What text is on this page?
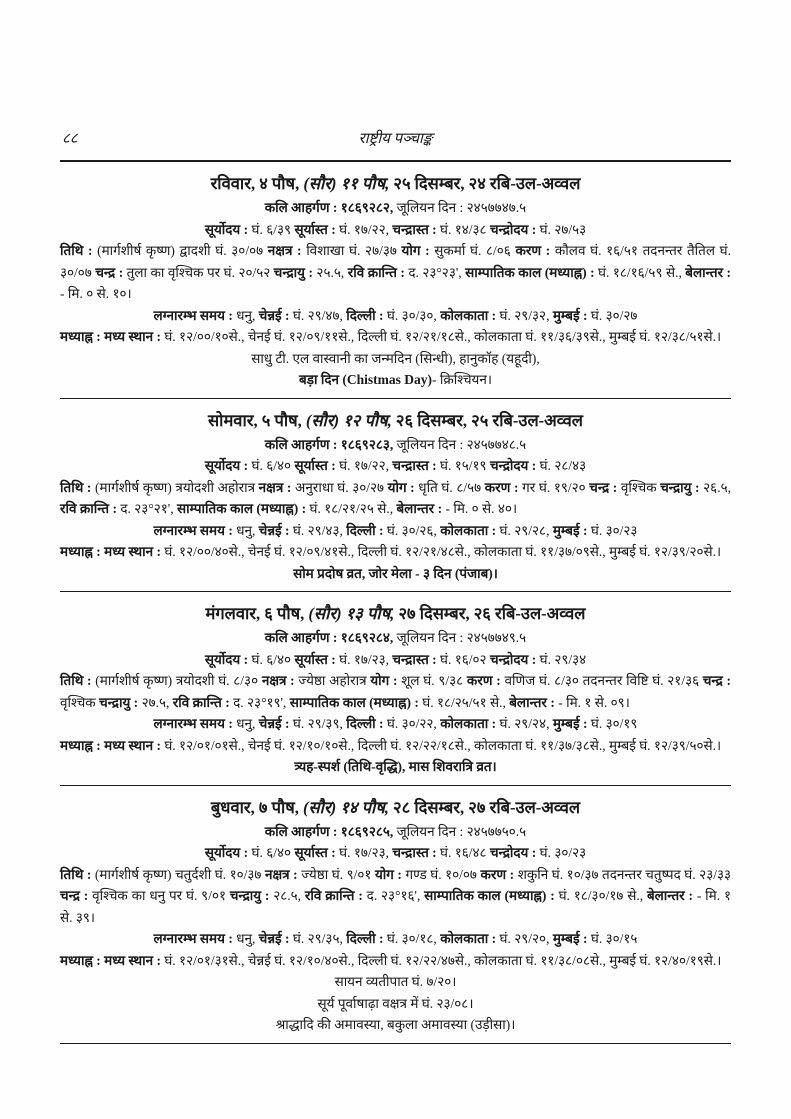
८८	राष्ट्रीय पञ्चाङ्क
रविवार, ४ पौष, (सौर) ११ पौष, २५ दिसम्बर, २४ रबि-उल-अव्वल

कलि आहर्गण : १८६९२८२, जूलियन दिन : २४५७७४७.५

सूर्योदय : घं. ६/३९ सूर्यास्त : घं. १७/२२, चन्द्रास्त : घं. १४/३८ चन्द्रोदय : घं. २७/५३

तिथि : (मार्गशीर्ष कृष्ण) द्वादशी घं. ३०/०७ नक्षत्र : विशाखा घं. २७/३७ योग : सुकर्मा घं. ८/०६ करण : कौलव घं. १६/५१ तदनन्तर तैतिल घं. ३०/०७ चन्द्र : तुला का वृश्चिक पर घं. २०/५२ चन्द्रायु : २५.५, रवि क्रान्ति : द. २३°२३', साम्पातिक काल (मध्याह्न) : घं. १८/१६/५९ से., बेलान्तर : - मि. ० से. १०।

लग्नारम्भ समय : धनु, चेन्नई : घं. २९/४७, दिल्ली : घं. ३०/३०, कोलकाता : घं. २९/३२, मुम्बई : घं. ३०/२७

मध्याह्न : मध्य स्थान : घं. १२/००/१०से., चेनई घं. १२/०९/११से., दिल्ली घं. १२/२१/१८से., कोलकाता घं. ११/३६/३९से., मुम्बई घं. १२/३८/५१से.।

साधु टी. एल वास्वानी का जन्मदिन (सिन्धी), हानुकॉह (यहूदी),

बड़ा दिन (Chistmas Day)- क्रिश्चियन।

सोमवार, ५ पौष, (सौर) १२ पौष, २६ दिसम्बर, २५ रबि-उल-अव्वल

कलि आहर्गण : १८६९२८३, जूलियन दिन : २४५७७४८.५

सूर्योदय : घं. ६/४० सूर्यास्त : घं. १७/२२, चन्द्रास्त : घं. १५/१९ चन्द्रोदय : घं. २८/४३

तिथि : (मार्गशीर्ष कृष्ण) त्रयोदशी अहोरात्र नक्षत्र : अनुराधा घं. ३०/२७ योग : धृति घं. ८/५७ करण : गर घं. १९/२० चन्द्र : वृश्चिक चन्द्रायु : २६.५, रवि क्रान्ति : द. २३°२१', साम्पातिक काल (मध्याह्न) : घं. १८/२१/२५ से., बेलान्तर : - मि. ० से. ४०।

लग्नारम्भ समय : धनु, चेन्नई : घं. २९/४३, दिल्ली : घं. ३०/२६, कोलकाता : घं. २९/२८, मुम्बई : घं. ३०/२३

मध्याह्न : मध्य स्थान : घं. १२/००/४०से., चेनई घं. १२/०९/४१से., दिल्ली घं. १२/२१/४८से., कोलकाता घं. ११/३७/०९से., मुम्बई घं. १२/३९/२०से.।

सोम प्रदोष व्रत, जोर मेला - ३ दिन (पंजाब)।

मंगलवार, ६ पौष, (सौर) १३ पौष, २७ दिसम्बर, २६ रबि-उल-अव्वल

कलि आहर्गण : १८६९२८४, जूलियन दिन : २४५७७४९.५

सूर्योदय : घं. ६/४० सूर्यास्त : घं. १७/२३, चन्द्रास्त : घं. १६/०२ चन्द्रोदय : घं. २९/३४

तिथि : (मार्गशीर्ष कृष्ण) त्रयोदशी घं. ८/३० नक्षत्र : ज्येष्ठा अहोरात्र योग : शूल घं. ९/३८ करण : वणिज घं. ८/३० तदनन्तर विष्टि घं. २१/३६ चन्द्र : वृश्चिक चन्द्रायु : २७.५, रवि क्रान्ति : द. २३°१९', साम्पातिक काल (मध्याह्न) : घं. १८/२५/५१ से., बेलान्तर : - मि. १ से. ०९।

लग्नारम्भ समय : धनु, चेन्नई : घं. २९/३९, दिल्ली : घं. ३०/२२, कोलकाता : घं. २९/२४, मुम्बई : घं. ३०/१९

मध्याह्न : मध्य स्थान : घं. १२/०१/०१से., चेनई घं. १२/१०/१०से., दिल्ली घं. १२/२२/१८से., कोलकाता घं. ११/३७/३८से., मुम्बई घं. १२/३९/५०से.।

त्र्यह-स्पर्श (तिथि-वृद्धि), मास शिवरात्रि व्रत।

बुधवार, ७ पौष, (सौर) १४ पौष, २८ दिसम्बर, २७ रबि-उल-अव्वल

कलि आहर्गण : १८६९२८५, जूलियन दिन : २४५७७५०.५

सूर्योदय : घं. ६/४० सूर्यास्त : घं. १७/२३, चन्द्रास्त : घं. १६/४८ चन्द्रोदय : घं. ३०/२३

तिथि : (मार्गशीर्ष कृष्ण) चतुर्दशी घं. १०/३७ नक्षत्र : ज्येष्ठा घं. ९/०१ योग : गण्ड घं. १०/०७ करण : शकुनि घं. १०/३७ तदनन्तर चतुष्पद घं. २३/३३ चन्द्र : वृश्चिक का धनु पर घं. ९/०१ चन्द्रायु : २८.५, रवि क्रान्ति : द. २३°१६', साम्पातिक काल (मध्याह्न) : घं. १८/३०/१७ से., बेलान्तर : - मि. १ से. ३९।

लग्नारम्भ समय : धनु, चेन्नई : घं. २९/३५, दिल्ली : घं. ३०/१८, कोलकाता : घं. २९/२०, मुम्बई : घं. ३०/१५

मध्याह्न : मध्य स्थान : घं. १२/०१/३१से., चेन्नई घं. १२/१०/४०से., दिल्ली घं. १२/२२/४७से., कोलकाता घं. ११/३८/०८से., मुम्बई घं. १२/४०/१९से.।

सायन व्यतीपात घं. ७/२०।

सूर्य पूर्वाषाढ़ा वक्षत्र में घं. २३/०८।

श्राद्धादि की अमावस्या, बकुला अमावस्या (उड़ीसा)।
